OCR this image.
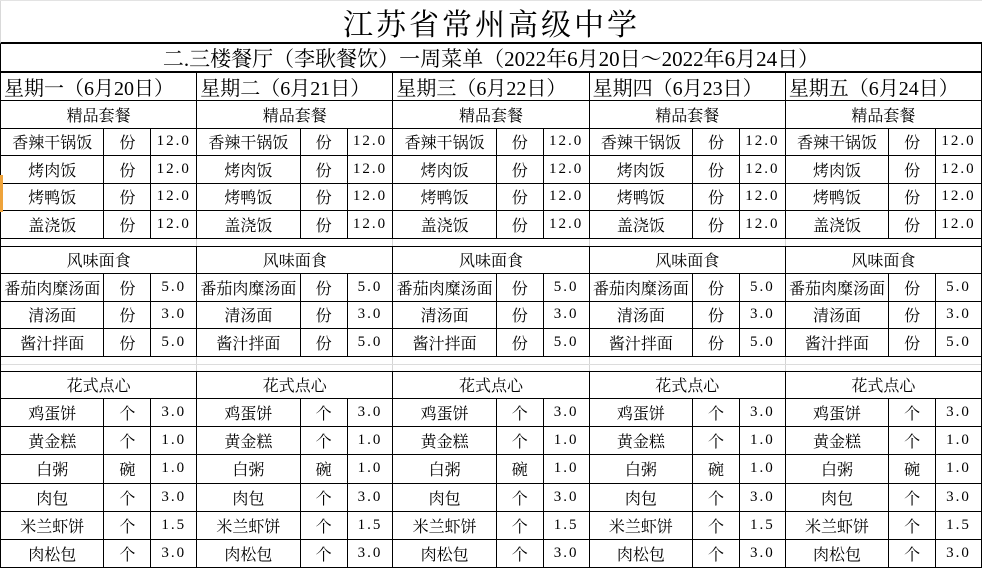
江苏省常州高级中学
二.三楼餐厅（李耿餐饮）一周菜单（2022年6月20日～2022年6月24日）
星期一（6月20日）	星期二（6月21日）	星期三（6月22日）	星期四（6月23日）	星期五（6月24日）
精品套餐	精品套餐	精品套餐	精品套餐	精品套餐
香辣干锅饭	份	12.0	香辣干锅饭	份	12.0	香辣干锅饭	份	12.0	香辣干锅饭	份	12.0	香辣干锅饭	份	12.0
烤肉饭	份	12.0	烤肉饭	份	12.0	烤肉饭	份	12.0	烤肉饭	份	12.0	烤肉饭	份	12.0
烤鸭饭	份	12.0	烤鸭饭	份	12.0	烤鸭饭	份	12.0	烤鸭饭	份	12.0	烤鸭饭	份	12.0
盖浇饭	份	12.0	盖浇饭	份	12.0	盖浇饭	份	12.0	盖浇饭	份	12.0	盖浇饭	份	12.0
风味面食	风味面食	风味面食	风味面食	风味面食
番茄肉糜汤面	份	5.0 番茄肉糜汤面	份	5.0 番茄肉糜汤面	份	5.0 番茄肉糜汤面	份	5.0 番茄肉糜汤面	份	5.0
清汤面	份	3.0	清汤面	份	3.0	清汤面	份	3.0	清汤面	份	3.0	清汤面	份	3.0
酱汁拌面	份	5.0	酱汁拌面	份	5.0	酱汁拌面	份	5.0	酱汁拌面	份	5.0	酱汁拌面	份	5.0
花式点心	花式点心	花式点心	花式点心	花式点心
鸡蛋饼	个	3.0	鸡蛋饼	个	3.0	鸡蛋饼	个	3.0	鸡蛋饼	个	3.0	鸡蛋饼	个	3.0
黄金糕	个	1.0	黄金糕	个	1.0	黄金糕	个	1.0	黄金糕	个	1.0	黄金糕	个	1.0
白粥	碗	1.0	白粥	碗	1.0	白粥	碗	1.0	白粥	碗	1.0	白粥	碗	1.0
肉包	个	3.0	肉包	个	3.0	肉包	个	3.0	肉包	个	3.0	肉包	个	3.0
米兰虾饼	个	1.5	米兰虾饼	个	1.5	米兰虾饼	个	1.5	米兰虾饼	个	1.5	米兰虾饼	个	1.5
肉松包	个	3.0	肉松包	个	3.0	肉松包	个	3.0	肉松包	个	3.0	肉松包	个	3.0
